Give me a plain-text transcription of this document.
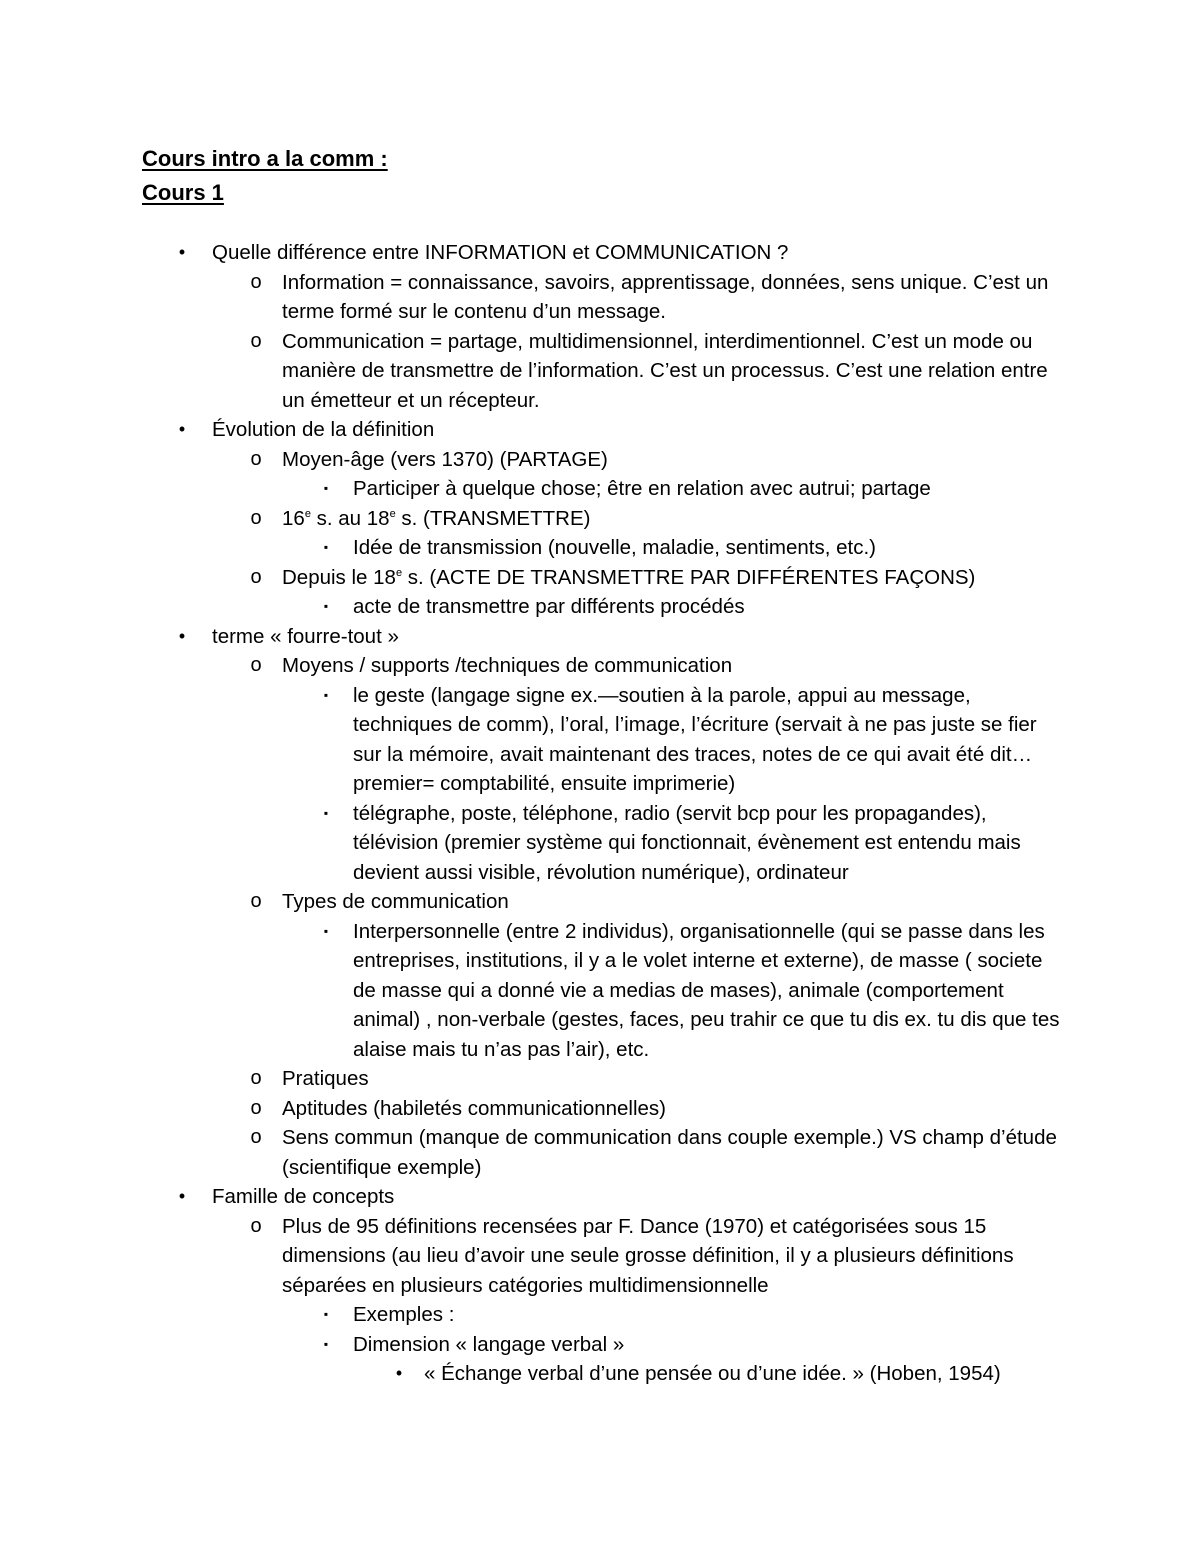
Cours intro a la comm :
Cours 1
•	Quelle différence entre INFORMATION et COMMUNICATION ?
o Information = connaissance, savoirs, apprentissage, données, sens unique. C’est un terme formé sur le contenu d’un message.
o Communication = partage, multidimensionnel, interdimentionnel. C’est un mode ou manière de transmettre de l’information. C’est un processus. C’est une relation entre un émetteur et un récepteur.
•	Évolution de la définition
o Moyen-âge (vers 1370) (PARTAGE)
▪	Participer à quelque chose; être en relation avec autrui; partage
o 16e s. au 18e s. (TRANSMETTRE)
▪	Idée de transmission (nouvelle, maladie, sentiments, etc.)
o Depuis le 18e s. (ACTE DE TRANSMETTRE PAR DIFFÉRENTES FAÇONS)
▪	acte de transmettre par différents procédés
•	terme « fourre-tout »
o Moyens / supports /techniques de communication
▪	le geste (langage signe ex.—soutien à la parole, appui au message, techniques de comm), l’oral, l’image, l’écriture (servait à ne pas juste se fier sur la mémoire, avait maintenant des traces, notes de ce qui avait été dit… premier= comptabilité, ensuite imprimerie)
▪	télégraphe, poste, téléphone, radio (servit bcp pour les propagandes), télévision (premier système qui fonctionnait, évènement est entendu mais devient aussi visible, révolution numérique), ordinateur
o Types de communication
▪	Interpersonnelle (entre 2 individus), organisationnelle (qui se passe dans les entreprises, institutions, il y a le volet interne et externe), de masse ( societe de masse qui a donné vie a medias de mases), animale (comportement animal) , non-verbale (gestes, faces, peu trahir ce que tu dis ex. tu dis que tes alaise mais tu n’as pas l’air), etc.
o Pratiques
o Aptitudes (habiletés communicationnelles)
o Sens commun (manque de communication dans couple exemple.) VS champ d’étude (scientifique exemple)
•	Famille de concepts
o Plus de 95 définitions recensées par F. Dance (1970) et catégorisées sous 15 dimensions (au lieu d’avoir une seule grosse définition, il y a plusieurs définitions séparées en plusieurs catégories multidimensionnelle
▪	Exemples :
▪	Dimension « langage verbal »
•	« Échange verbal d’une pensée ou d’une idée. » (Hoben, 1954)
